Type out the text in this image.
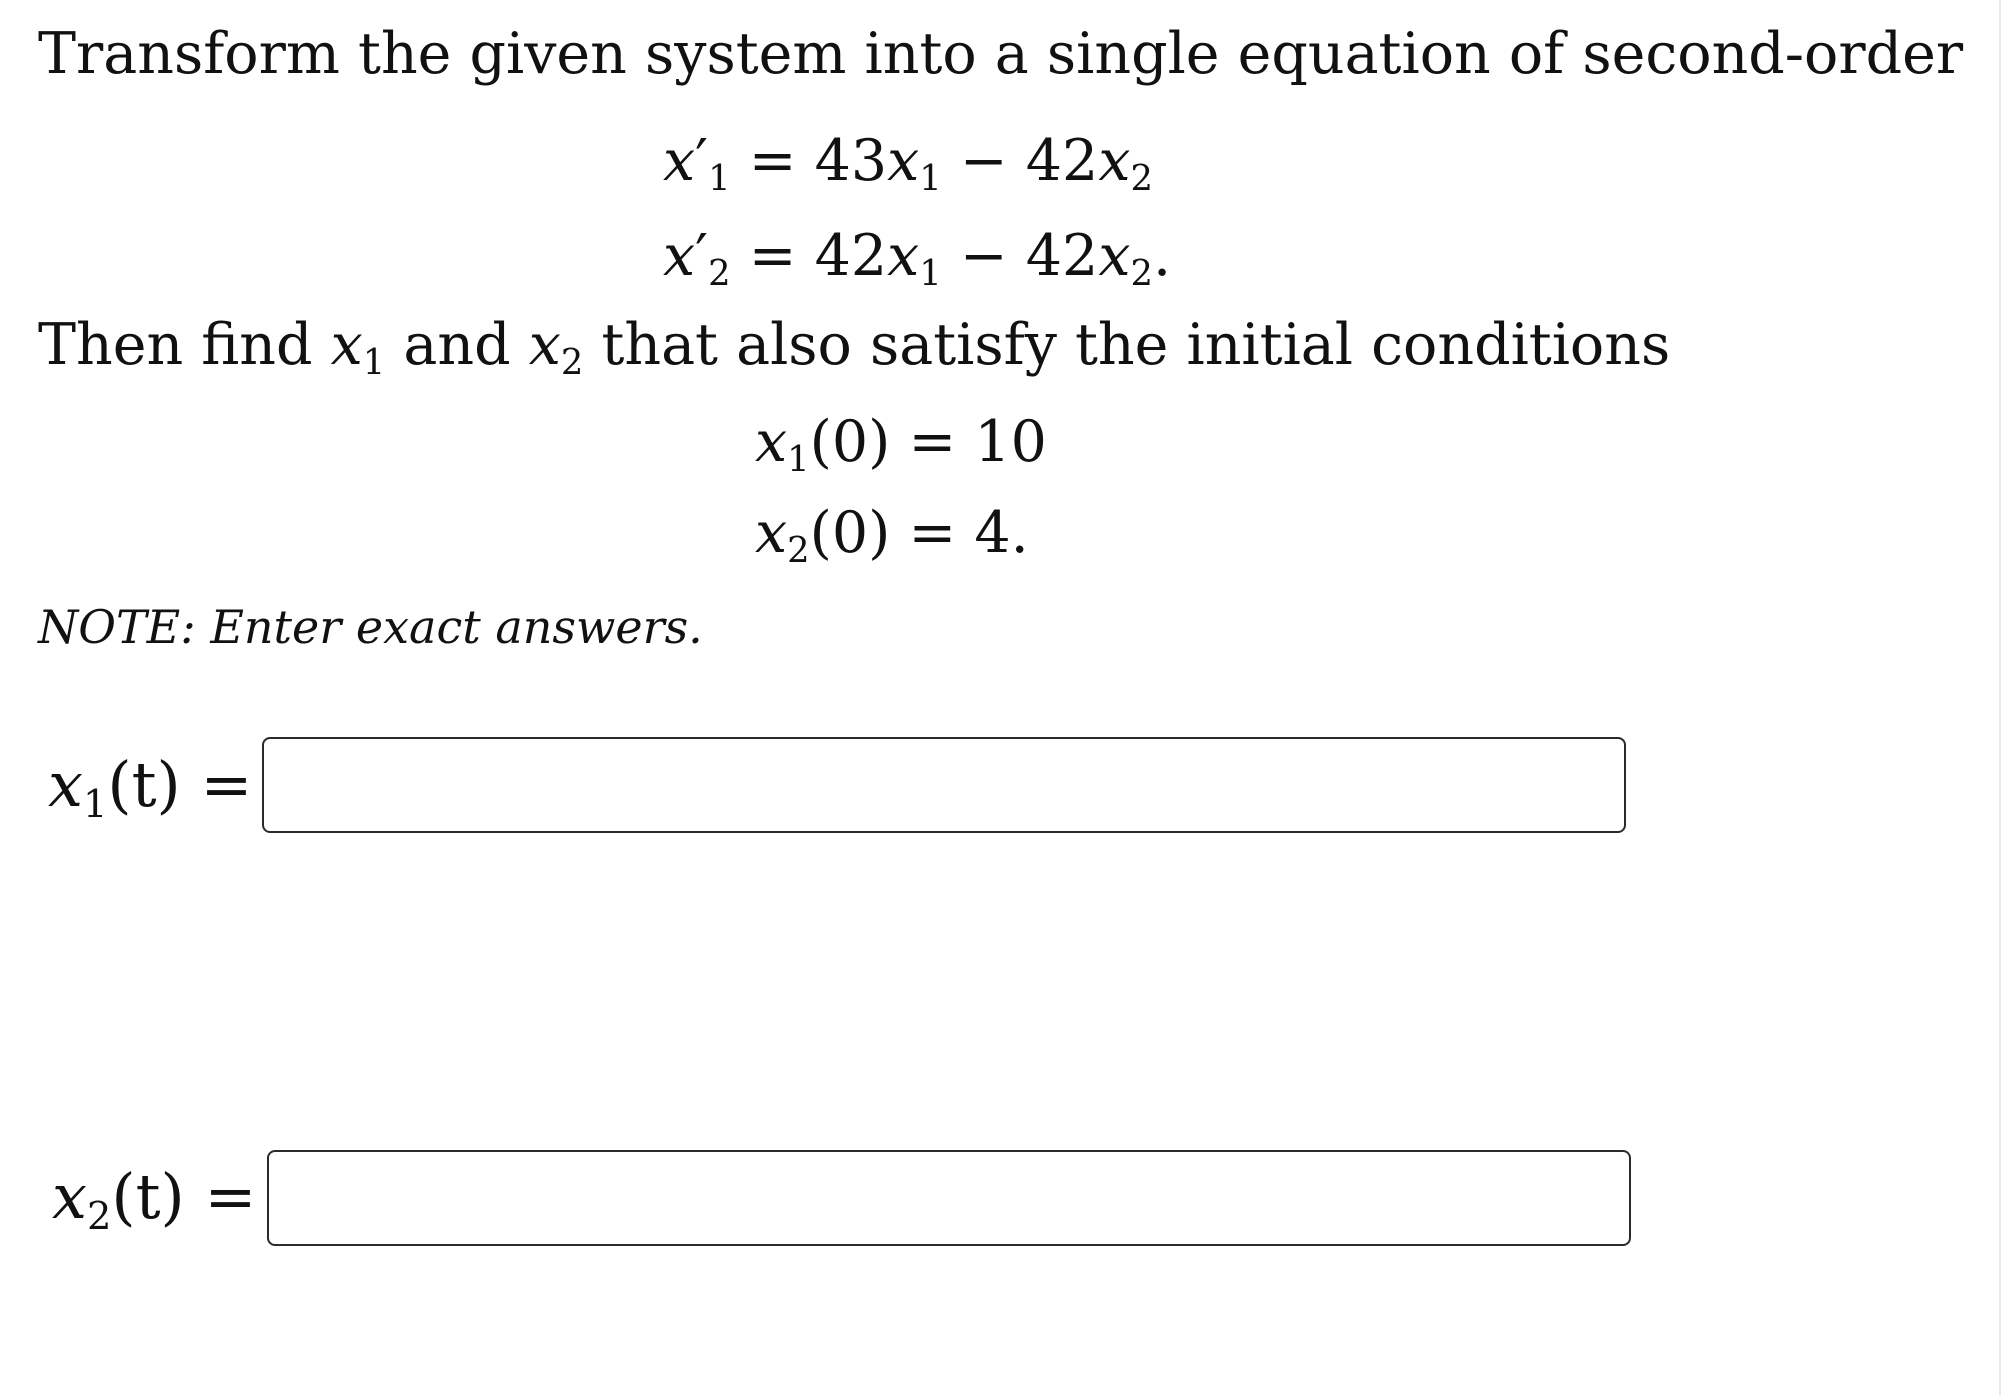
Transform the given system into a single equation of second-order
$x'_1 = 43x_1 - 42x_2$
$x'_2 = 42x_1 - 42x_2$.
Then find $x_1$ and $x_2$ that also satisfy the initial conditions
$x_1(0) = 10$
$x_2(0) = 4$.
NOTE: Enter exact answers.
$x_1(t)$ =
$x_2(t)$ =
